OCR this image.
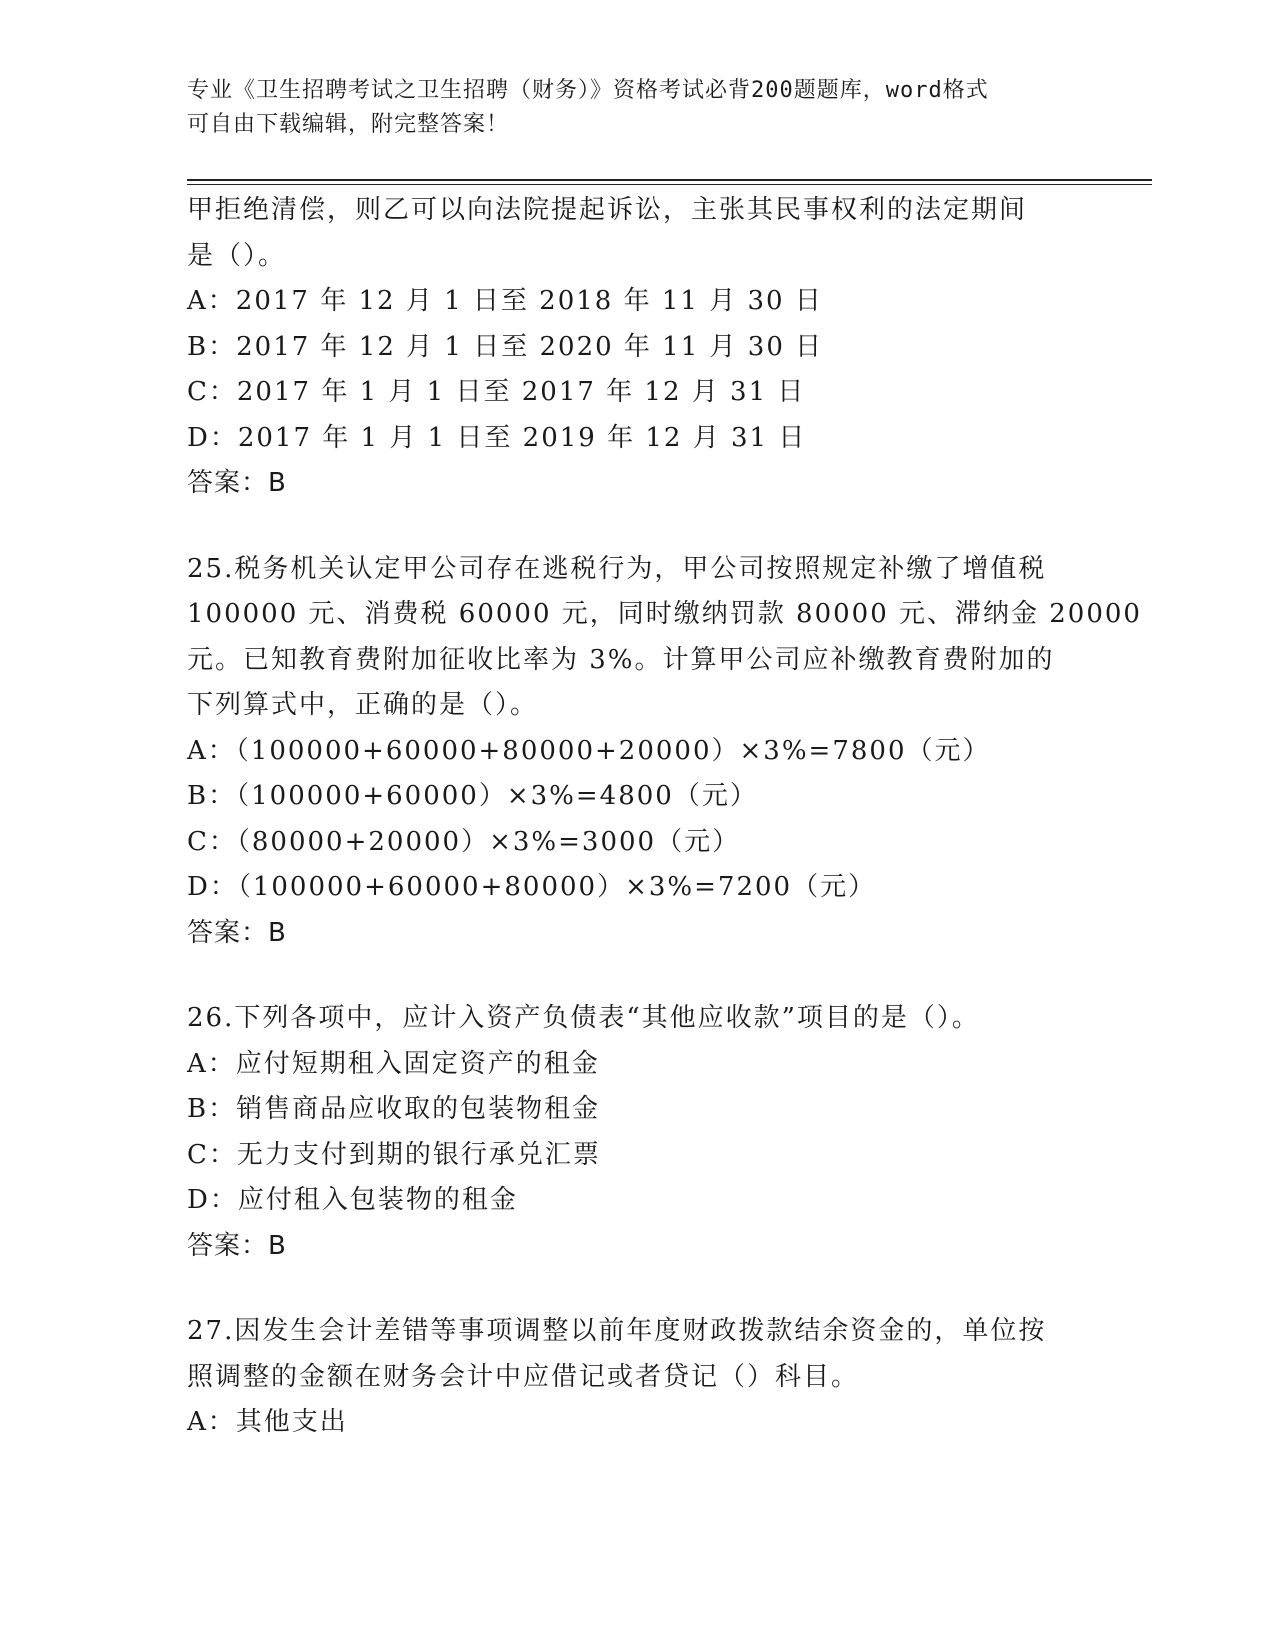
专业《卫生招聘考试之卫生招聘（财务）》资格考试必背200题题库，word格式
可自由下载编辑，附完整答案！
甲拒绝清偿，则乙可以向法院提起诉讼，主张其民事权利的法定期间
是（）。
A：2017 年 12 月 1 日至 2018 年 11 月 30 日
B：2017 年 12 月 1 日至 2020 年 11 月 30 日
C：2017 年 1 月 1 日至 2017 年 12 月 31 日
D：2017 年 1 月 1 日至 2019 年 12 月 31 日
答案：B
25.税务机关认定甲公司存在逃税行为，甲公司按照规定补缴了增值税
100000 元、消费税 60000 元，同时缴纳罚款 80000 元、滞纳金 20000
元。已知教育费附加征收比率为 3%。计算甲公司应补缴教育费附加的
下列算式中，正确的是（）。
A：（100000+60000+80000+20000）×3%=7800（元）
B：（100000+60000）×3%=4800（元）
C：（80000+20000）×3%=3000（元）
D：（100000+60000+80000）×3%=7200（元）
答案：B
26.下列各项中，应计入资产负债表“其他应收款”项目的是（）。
A：应付短期租入固定资产的租金
B：销售商品应收取的包装物租金
C：无力支付到期的银行承兑汇票
D：应付租入包装物的租金
答案：B
27.因发生会计差错等事项调整以前年度财政拨款结余资金的，单位按
照调整的金额在财务会计中应借记或者贷记（）科目。
A：其他支出
